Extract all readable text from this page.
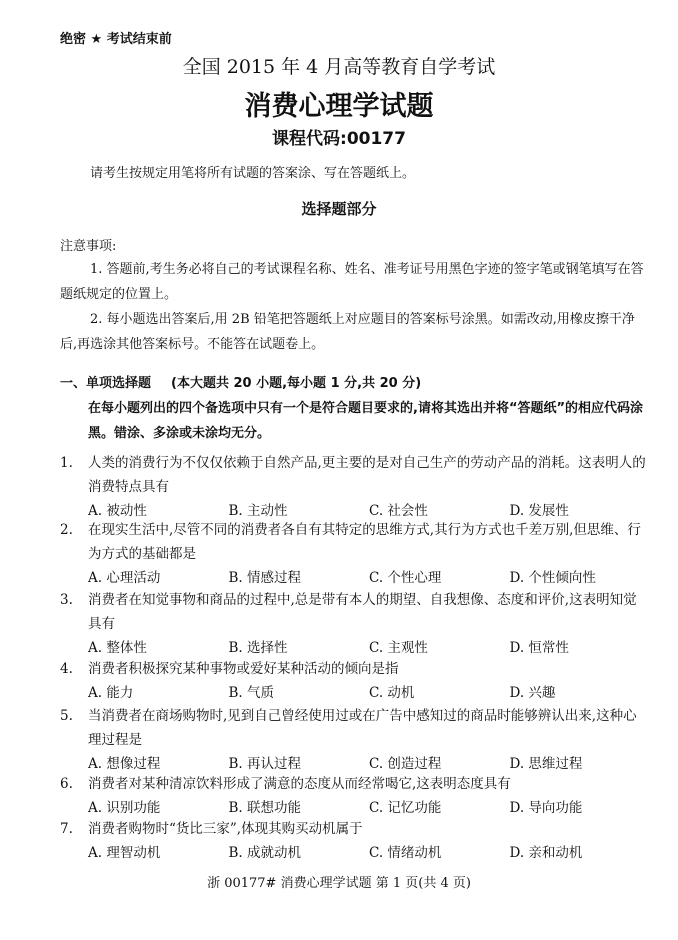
绝密 ★ 考试结束前
全国 2015 年 4 月高等教育自学考试
消费心理学试题
课程代码:00177
请考生按规定用笔将所有试题的答案涂、写在答题纸上。
选择题部分
注意事项:
1. 答题前,考生务必将自己的考试课程名称、姓名、准考证号用黑色字迹的签字笔或钢笔填写在答题纸规定的位置上。
2. 每小题选出答案后,用 2B 铅笔把答题纸上对应题目的答案标号涂黑。如需改动,用橡皮擦干净后,再选涂其他答案标号。不能答在试题卷上。
一、单项选择题 (本大题共 20 小题,每小题 1 分,共 20 分)
在每小题列出的四个备选项中只有一个是符合题目要求的,请将其选出并将“答题纸”的相应代码涂黑。错涂、多涂或未涂均无分。
1. 人类的消费行为不仅仅依赖于自然产品,更主要的是对自己生产的劳动产品的消耗。这表明人的消费特点具有
A. 被动性	B. 主动性	C. 社会性	D. 发展性
2. 在现实生活中,尽管不同的消费者各自有其特定的思维方式,其行为方式也千差万别,但思维、行为方式的基础都是
A. 心理活动	B. 情感过程	C. 个性心理	D. 个性倾向性
3. 消费者在知觉事物和商品的过程中,总是带有本人的期望、自我想像、态度和评价,这表明知觉具有
A. 整体性	B. 选择性	C. 主观性	D. 恒常性
4. 消费者积极探究某种事物或爱好某种活动的倾向是指
A. 能力	B. 气质	C. 动机	D. 兴趣
5. 当消费者在商场购物时,见到自己曾经使用过或在广告中感知过的商品时能够辨认出来,这种心理过程是
A. 想像过程	B. 再认过程	C. 创造过程	D. 思维过程
6. 消费者对某种清凉饮料形成了满意的态度从而经常喝它,这表明态度具有
A. 识别功能	B. 联想功能	C. 记忆功能	D. 导向功能
7. 消费者购物时“货比三家”,体现其购买动机属于
A. 理智动机	B. 成就动机	C. 情绪动机	D. 亲和动机
浙 00177# 消费心理学试题 第 1 页(共 4 页)
